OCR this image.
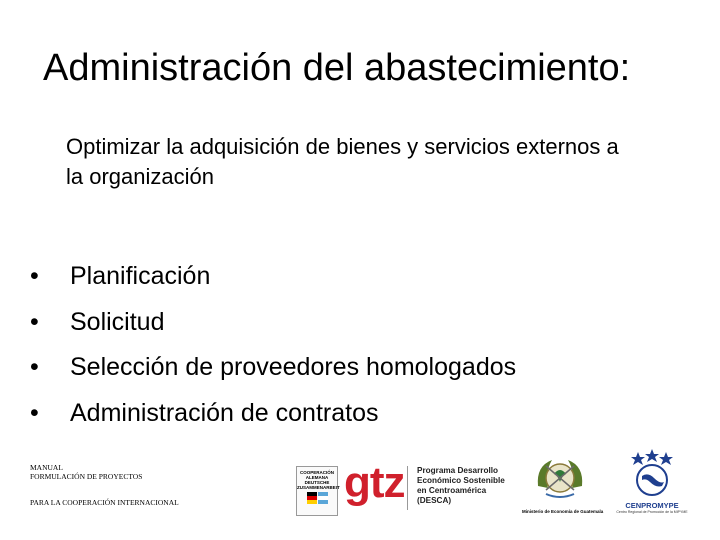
Administración del abastecimiento:
Optimizar la adquisición de bienes y servicios externos a la organización
• Planificación
• Solicitud
• Selección de proveedores homologados
• Administración de contratos
MANUAL
FORMULACIÓN DE PROYECTOS
PARA LA COOPERACIÓN INTERNACIONAL
COOPERACIÓN ALEMANA DEUTSCHE ZUSAMMENARBEIT gtz Programa Desarrollo
Económico Sostenible
en Centroamérica
(DESCA)
Ministerio de Economía de Guatemala
CENPROMYPE
Centro Regional de Promoción de la MIPYME
